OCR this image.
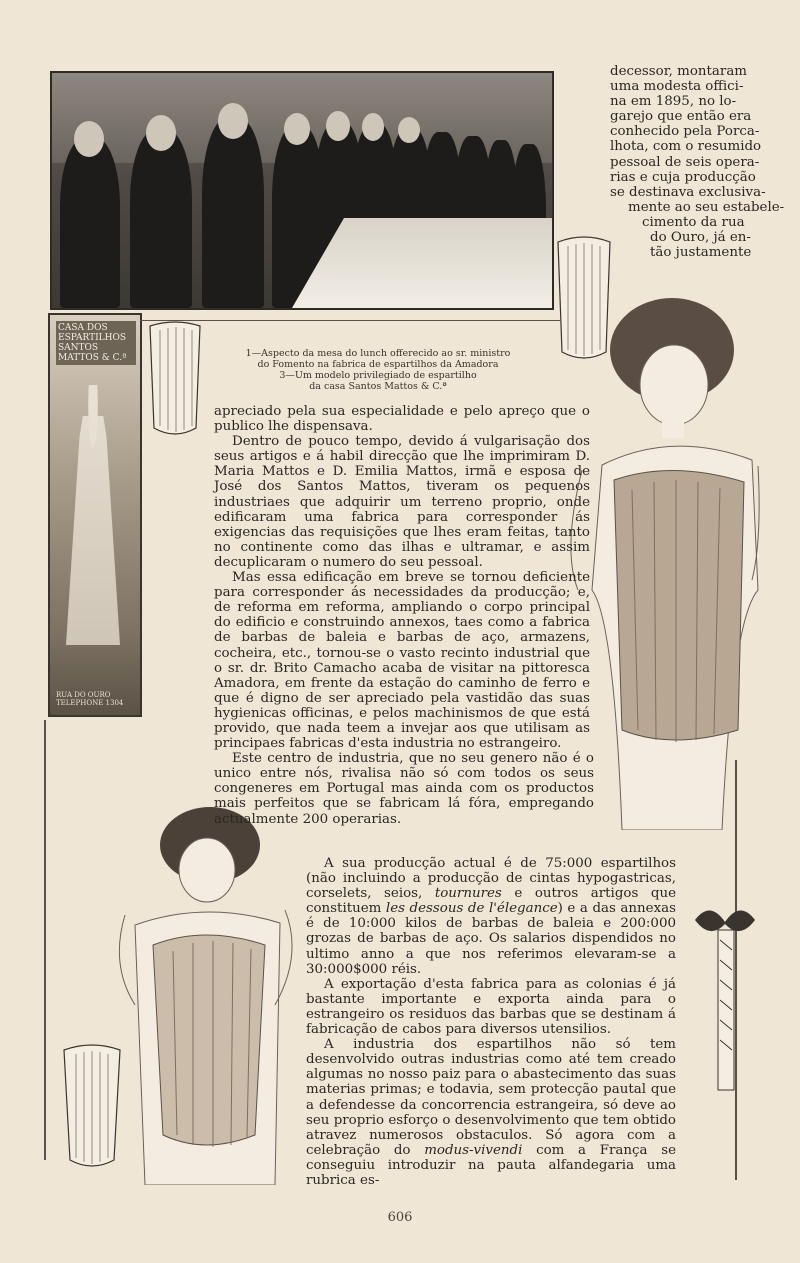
CASA DOS ESPARTILHOS SANTOS MATTOS & C.ª
RUA DO OURO TELEPHONE 1304
decessor, montaram
uma modesta offici-
na em 1895, no lo-
garejo que então era
conhecido pela Porca-
lhota, com o resumido
pessoal de seis opera-
rias e cuja producção
se destinava exclusiva-
mente ao seu estabele-
cimento da rua
do Ouro, já en-
tão justamente
1—Aspecto da mesa do lunch offerecido ao sr. ministro
do Fomento na fabrica de espartilhos da Amadora
3—Um modelo privilegiado de espartilho
da casa Santos Mattos & C.ª

apreciado pela sua especialidade e pelo apreço que o publico lhe dispensava.

Dentro de pouco tempo, devido á vulgarisação dos seus artigos e á habil direcção que lhe imprimiram D. Maria Mattos e D. Emilia Mattos, irmã e esposa de José dos Santos Mattos, tiveram os pequenos industriaes que adquirir um terreno proprio, onde edificaram uma fabrica para corresponder ás exigencias das requisições que lhes eram feitas, tanto no continente como das ilhas e ultramar, e assim decuplicaram o numero do seu pessoal.

Mas essa edificação em breve se tornou deficiente para corresponder ás necessidades da producção; e, de reforma em reforma, ampliando o corpo principal do edificio e construindo annexos, taes como a fabrica de barbas de baleia e barbas de aço, armazens, cocheira, etc., tornou-se o vasto recinto industrial que o sr. dr. Brito Camacho acaba de visitar na pittoresca Amadora, em frente da estação do caminho de ferro e que é digno de ser apreciado pela vastidão das suas hygienicas officinas, e pelos machinismos de que está provido, que nada teem a invejar aos que utilisam as principaes fabricas d'esta industria no estrangeiro.

Este centro de industria, que no seu genero não é o unico entre nós, rivalisa não só com todos os seus congeneres em Portugal mas ainda com os productos mais perfeitos que se fabricam lá fóra, empregando actualmente 200 operarias.

A sua producção actual é de 75:000 espartilhos (não incluindo a producção de cintas hypogastricas, corselets, seios, tournures e outros artigos que constituem les dessous de l'élegance) e a das annexas é de 10:000 kilos de barbas de baleia e 200:000 grozas de barbas de aço. Os salarios dispendidos no ultimo anno a que nos referimos elevaram-se a 30:000$000 réis.

A exportação d'esta fabrica para as colonias é já bastante importante e exporta ainda para o estrangeiro os residuos das barbas que se destinam á fabricação de cabos para diversos utensilios.

A industria dos espartilhos não só tem desenvolvido outras industrias como até tem creado algumas no nosso paiz para o abastecimento das suas materias primas; e todavia, sem protecção pautal que a defendesse da concorrencia estrangeira, só deve ao seu proprio esforço o desenvolvimento que tem obtido atravez numerosos obstaculos. Só agora com a celebração do modus-vivendi com a França se conseguiu introduzir na pauta alfandegaria uma rubrica es-

606
